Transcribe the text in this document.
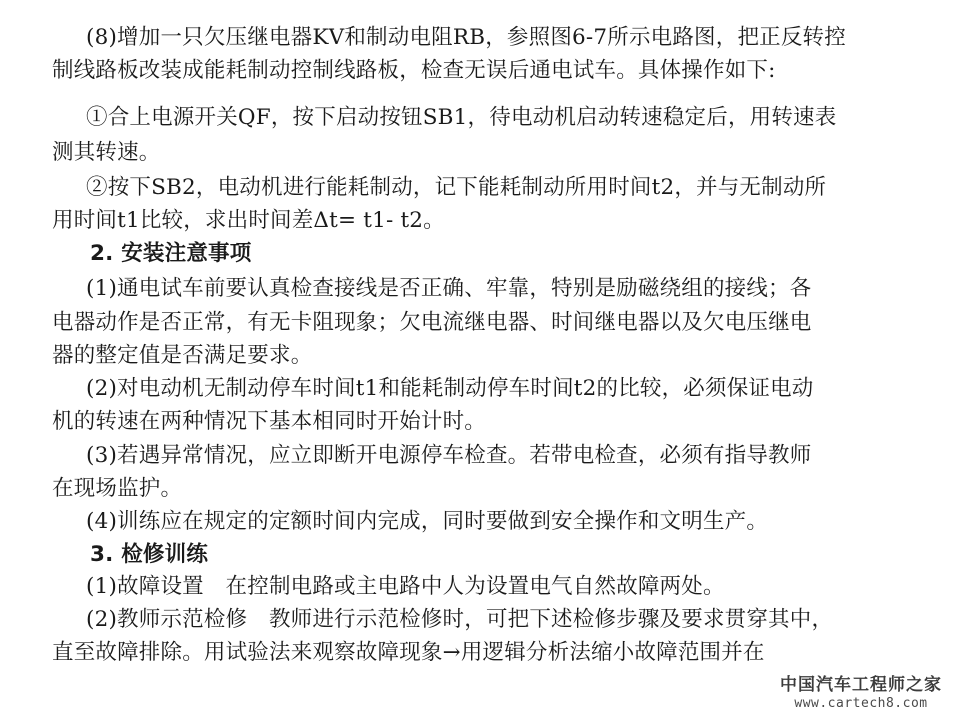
(8)增加一只欠压继电器KV和制动电阻RB，参照图6-7所示电路图，把正反转控
制线路板改装成能耗制动控制线路板，检查无误后通电试车。具体操作如下:
①合上电源开关QF，按下启动按钮SB1，待电动机启动转速稳定后，用转速表
测其转速。
②按下SB2，电动机进行能耗制动，记下能耗制动所用时间t2，并与无制动所
用时间t1比较，求出时间差Δt= t1- t2。
2. 安装注意事项
(1)通电试车前要认真检查接线是否正确、牢靠，特别是励磁绕组的接线；各
电器动作是否正常，有无卡阻现象；欠电流继电器、时间继电器以及欠电压继电
器的整定值是否满足要求。
(2)对电动机无制动停车时间t1和能耗制动停车时间t2的比较，必须保证电动
机的转速在两种情况下基本相同时开始计时。
(3)若遇异常情况，应立即断开电源停车检查。若带电检查，必须有指导教师
在现场监护。
(4)训练应在规定的定额时间内完成，同时要做到安全操作和文明生产。
3. 检修训练
(1)故障设置　在控制电路或主电路中人为设置电气自然故障两处。
(2)教师示范检修　教师进行示范检修时，可把下述检修步骤及要求贯穿其中，
直至故障排除。用试验法来观察故障现象→用逻辑分析法缩小故障范围并在
中国汽车工程师之家
www.cartech8.com
